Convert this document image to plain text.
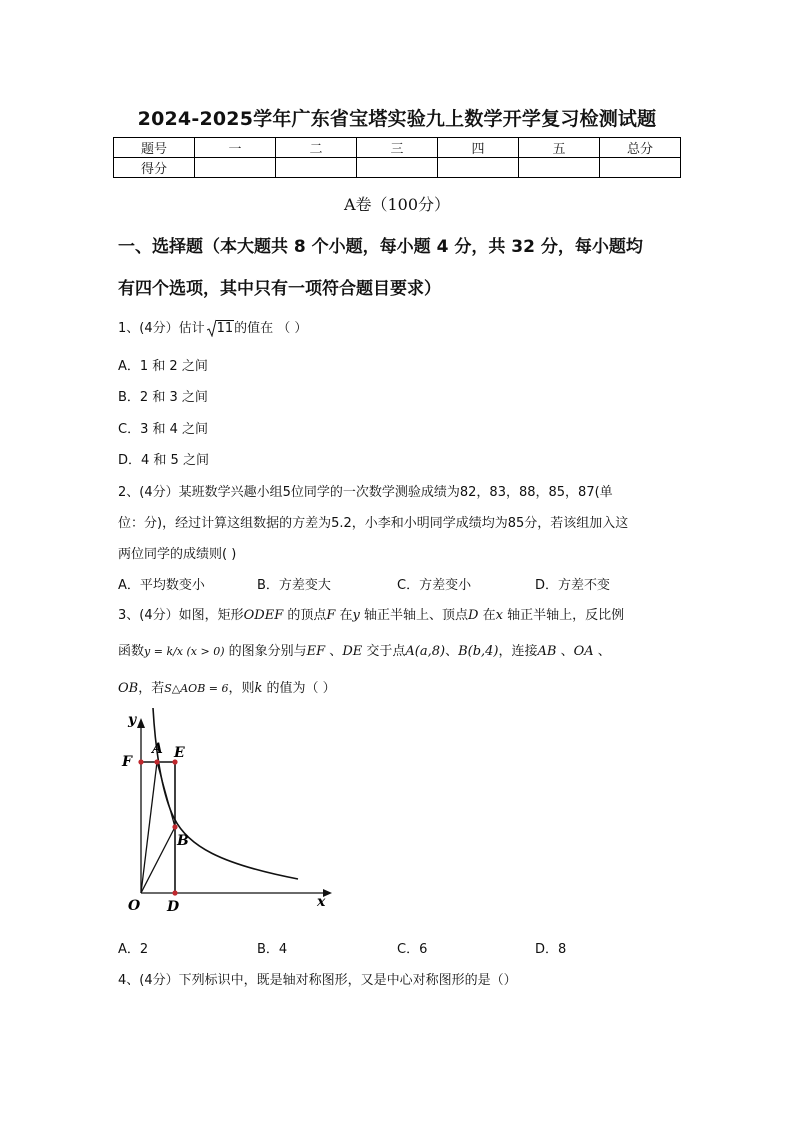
2024-2025学年广东省宝塔实验九上数学开学复习检测试题
题号	一	二	三	四	五	总分
得分						
A卷（100分）
一、选择题（本大题共 8 个小题，每小题 4 分，共 32 分，每小题均
有四个选项，其中只有一项符合题目要求）
1、(4分）估计 11的值在 （ ）
A．1 和 2 之间
B．2 和 3 之间
C．3 和 4 之间
D．4 和 5 之间
2、(4分）某班数学兴趣小组5位同学的一次数学测验成绩为82，83，88，85，87(单
位：分)，经过计算这组数据的方差为5.2，小李和小明同学成绩均为85分，若该组加入这
两位同学的成绩则( )
A．平均数变小	B．方差变大	C．方差变小	D．方差不变
3、(4分）如图，矩形ODEF 的顶点F 在y 轴正半轴上、顶点D 在x 轴正半轴上，反比例
函数y = k/x (x > 0) 的图象分别与EF 、DE 交于点A(a,8)、B(b,4)，连接AB 、OA 、
OB，若S△AOB = 6，则k 的值为（ ）
y
x
O D
F
A E
B
A．2	B．4	C．6	D．8
4、(4分）下列标识中，既是轴对称图形，又是中心对称图形的是（）
